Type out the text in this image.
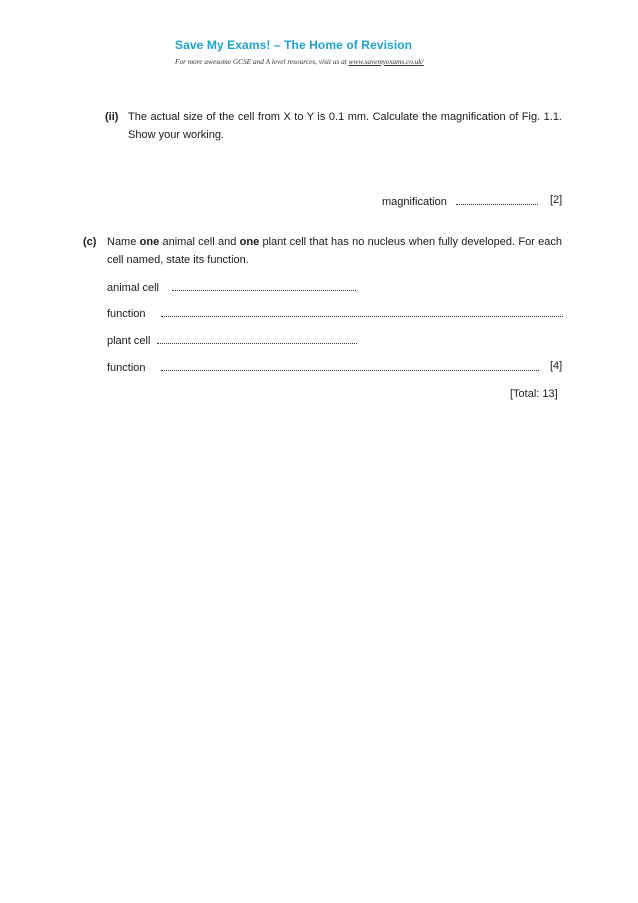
Save My Exams! – The Home of Revision
For more awesome GCSE and A level resources, visit us at www.savemyexams.co.uk/
(ii) The actual size of the cell from X to Y is 0.1 mm. Calculate the magnification of Fig. 1.1. Show your working.
magnification	[2]
(c) Name one animal cell and one plant cell that has no nucleus when fully developed. For each cell named, state its function.
animal cell
function
plant cell
function	[4]
[Total: 13]
